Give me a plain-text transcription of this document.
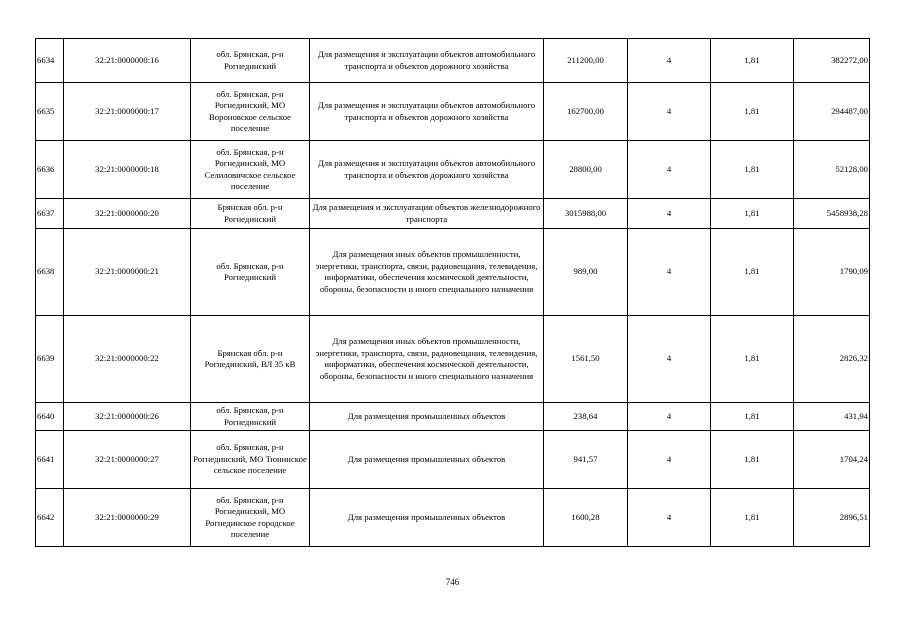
6634	32:21:0000000:16	обл. Брянская, р-н Рогнединский	Для размещения и эксплуатации объектов автомобильного транспорта и объектов дорожного хозяйства	211200,00	4	1,81	382272,00
6635	32:21:0000000:17	обл. Брянская, р-н Рогнединский, МО Вороновское сельское поселение	Для размещения и эксплуатации объектов автомобильного транспорта и объектов дорожного хозяйства	162700,00	4	1,81	294487,00
6636	32:21:0000000:18	обл. Брянская, р-н Рогнединский, МО Селиловичское сельское поселение	Для размещения и эксплуатации объектов автомобильного транспорта и объектов дорожного хозяйства	28800,00	4	1,81	52128,00
6637	32:21:0000000:20	Брянская обл. р-н Рогнединский	Для размещения и эксплуатации объектов железнодорожного транспорта	3015988,00	4	1,81	5458938,28
6638	32:21:0000000:21	обл. Брянская, р-н Рогнединский	Для размещения иных объектов промышленности, энергетики, транспорта, связи, радиовещания, телевидения, информатики, обеспечения космической деятельности, обороны, безопасности и иного специального назначения	989,00	4	1,81	1790,09
6639	32:21:0000000:22	Брянская обл. р-н Рогнединский, ВЛ 35 кВ	Для размещения иных объектов промышленности, энергетики, транспорта, связи, радиовещания, телевидения, информатики, обеспечения космической деятельности, обороны, безопасности и иного специального назначения	1561,50	4	1,81	2826,32
6640	32:21:0000000:26	обл. Брянская, р-н Рогнединский	Для размещения промышленных объектов	238,64	4	1,81	431,94
6641	32:21:0000000:27	обл. Брянская, р-н Рогнединский, МО Тюнинское сельское поселение	Для размещения промышленных объектов	941,57	4	1,81	1704,24
6642	32:21:0000000:29	обл. Брянская, р-н Рогнединский, МО Рогнединское городское поселение	Для размещения промышленных объектов	1600,28	4	1,81	2896,51
746
